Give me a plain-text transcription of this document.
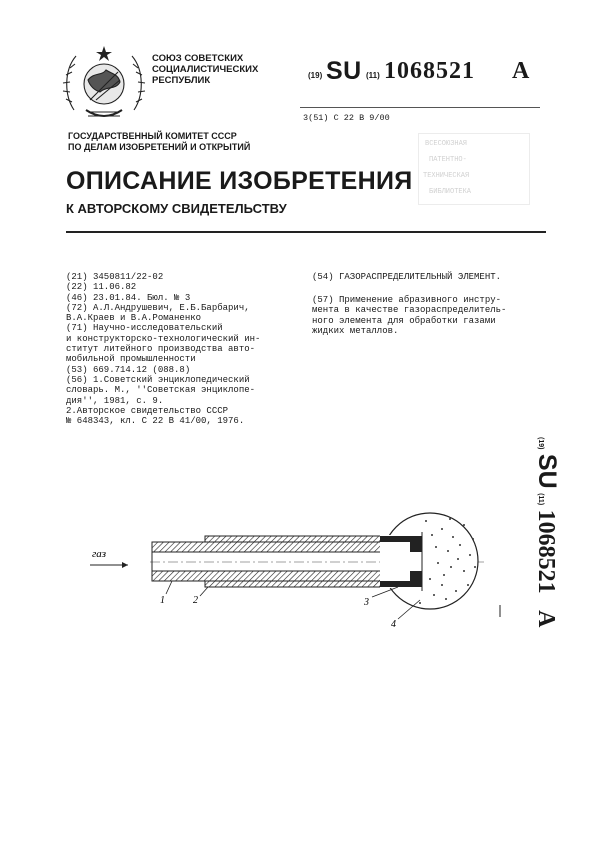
СОЮЗ СОВЕТСКИХ
СОЦИАЛИСТИЧЕСКИХ
РЕСПУБЛИК	(19) SU (11) 1068521 A
3(51) С 22 В 9/00
ВСЕСОЮЗНАЯ
ПАТЕНТНО-
ТЕХНИЧЕСКАЯ
БИБЛИОТЕКА
ГОСУДАРСТВЕННЫЙ КОМИТЕТ СССР
ПО ДЕЛАМ ИЗОБРЕТЕНИЙ И ОТКРЫТИЙ
ОПИСАНИЕ ИЗОБРЕТЕНИЯ
К АВТОРСКОМУ СВИДЕТЕЛЬСТВУ
(21) 3450811/22-02
(22) 11.06.82
(46) 23.01.84. Бюл. № 3
(72) А.Л.Андрушевич, Е.Б.Барбарич,
В.А.Краев и В.А.Романенко
(71) Научно-исследовательский
и конструкторско-технологический ин-
ститут литейного производства авто-
мобильной промышленности
(53) 669.714.12 (088.8)
(56) 1.Советский энциклопедический
словарь. М., ''Советская энциклопе-
дия'', 1981, с. 9.
2.Авторское свидетельство СССР
№ 648343, кл. С 22 В 41/00, 1976.
(54) ГАЗОРАСПРЕДЕЛИТЕЛЬНЫЙ ЭЛЕМЕНТ.
(57) Применение абразивного инстру-
мента в качестве газораспределитель-
ного элемента для обработки газами
жидких металлов.
(19) SU (11) 1068521 A
газ
1	2	3
4
